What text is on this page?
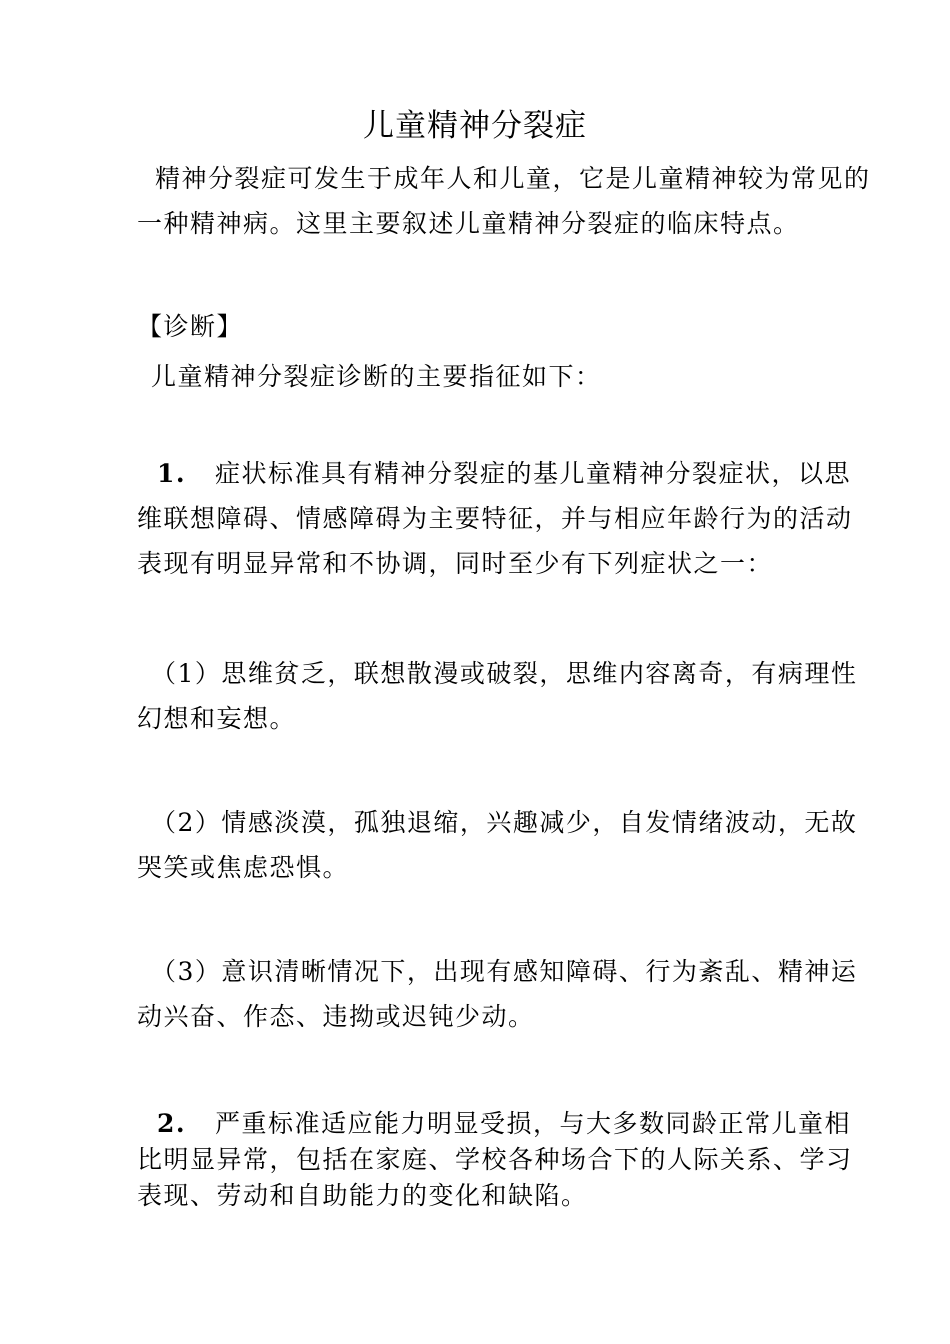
儿童精神分裂症
精神分裂症可发生于成年人和儿童，它是儿童精神较为常见的
一种精神病。这里主要叙述儿童精神分裂症的临床特点。
【诊断】
儿童精神分裂症诊断的主要指征如下：
1. 症状标准具有精神分裂症的基儿童精神分裂症状，以思
维联想障碍、情感障碍为主要特征，并与相应年龄行为的活动
表现有明显异常和不协调，同时至少有下列症状之一：
（1）思维贫乏，联想散漫或破裂，思维内容离奇，有病理性
幻想和妄想。
（2）情感淡漠，孤独退缩，兴趣减少，自发情绪波动，无故
哭笑或焦虑恐惧。
（3）意识清晰情况下，出现有感知障碍、行为紊乱、精神运
动兴奋、作态、违拗或迟钝少动。
2. 严重标准适应能力明显受损，与大多数同龄正常儿童相
比明显异常，包括在家庭、学校各种场合下的人际关系、学习
表现、劳动和自助能力的变化和缺陷。
